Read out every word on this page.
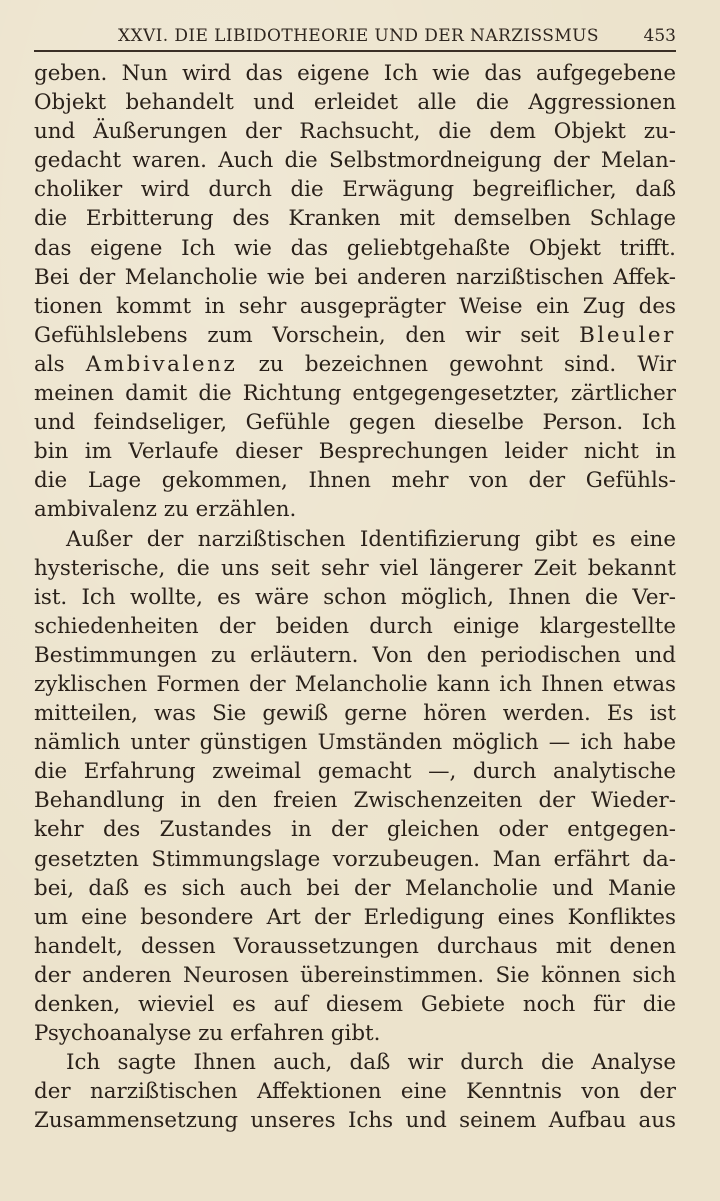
XXVI. DIE LIBIDOTHEORIE UND DER NARZISSMUS	453
geben. Nun wird das eigene Ich wie das aufgegebene
Objekt behandelt und erleidet alle die Aggressionen
und Äußerungen der Rachsucht, die dem Objekt zu-
gedacht waren. Auch die Selbstmordneigung der Melan-
choliker wird durch die Erwägung begreiflicher, daß
die Erbitterung des Kranken mit demselben Schlage
das eigene Ich wie das geliebtgehaßte Objekt trifft.
Bei der Melancholie wie bei anderen narzißtischen Affek-
tionen kommt in sehr ausgeprägter Weise ein Zug des
Gefühlslebens zum Vorschein, den wir seit Bleuler
als Ambivalenz zu bezeichnen gewohnt sind. Wir
meinen damit die Richtung entgegengesetzter, zärtlicher
und feindseliger, Gefühle gegen dieselbe Person. Ich
bin im Verlaufe dieser Besprechungen leider nicht in
die Lage gekommen, Ihnen mehr von der Gefühls-
ambivalenz zu erzählen.
Außer der narzißtischen Identifizierung gibt es eine
hysterische, die uns seit sehr viel längerer Zeit bekannt
ist. Ich wollte, es wäre schon möglich, Ihnen die Ver-
schiedenheiten der beiden durch einige klargestellte
Bestimmungen zu erläutern. Von den periodischen und
zyklischen Formen der Melancholie kann ich Ihnen etwas
mitteilen, was Sie gewiß gerne hören werden. Es ist
nämlich unter günstigen Umständen möglich — ich habe
die Erfahrung zweimal gemacht —, durch analytische
Behandlung in den freien Zwischenzeiten der Wieder-
kehr des Zustandes in der gleichen oder entgegen-
gesetzten Stimmungslage vorzubeugen. Man erfährt da-
bei, daß es sich auch bei der Melancholie und Manie
um eine besondere Art der Erledigung eines Konfliktes
handelt, dessen Voraussetzungen durchaus mit denen
der anderen Neurosen übereinstimmen. Sie können sich
denken, wieviel es auf diesem Gebiete noch für die
Psychoanalyse zu erfahren gibt.
Ich sagte Ihnen auch, daß wir durch die Analyse
der narzißtischen Affektionen eine Kenntnis von der
Zusammensetzung unseres Ichs und seinem Aufbau aus
